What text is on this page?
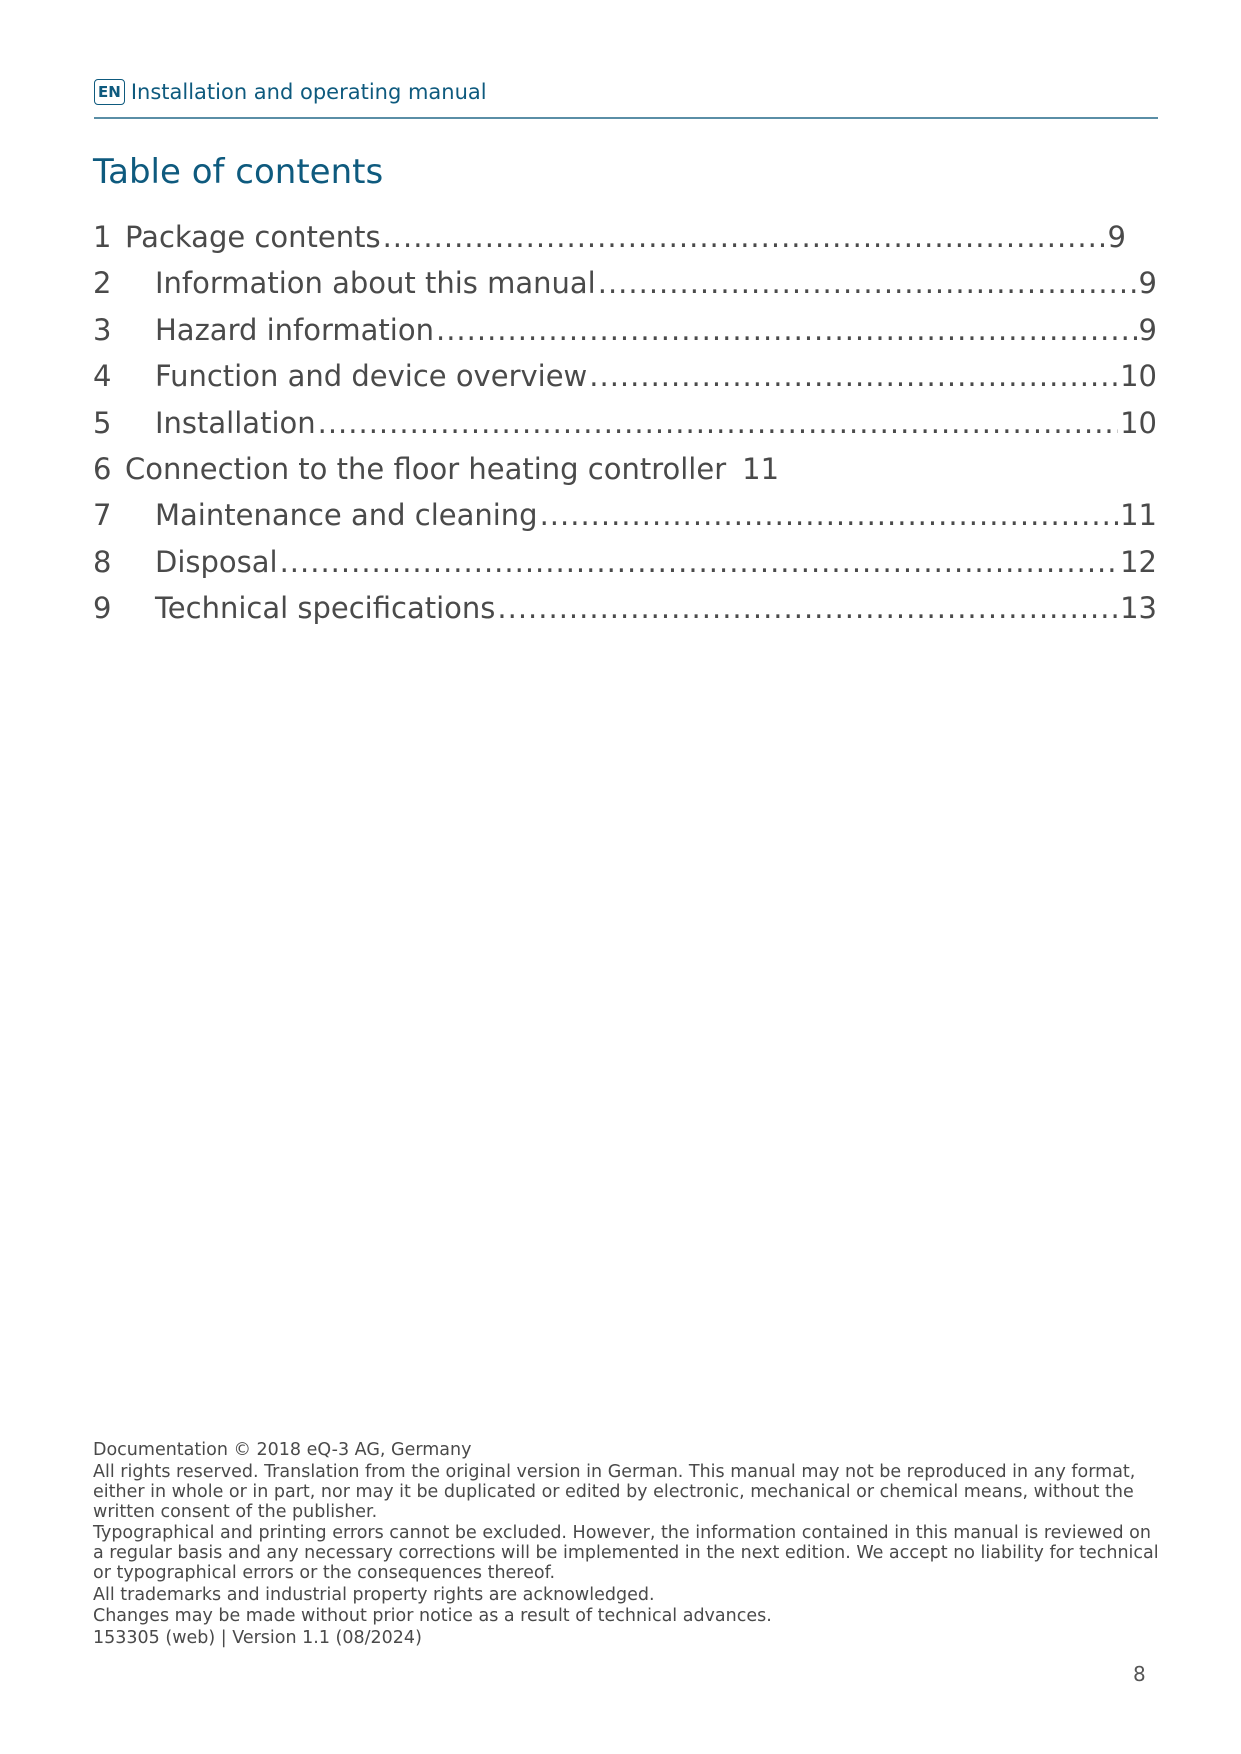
EN Installation and operating manual
Table of contents
1 Package contents .....	9
2	Information about this manual .....	9
3	Hazard information .....	9
4	Function and device overview .....	10
5	Installation .....	10
6 Connection to the floor heating controller 11
7	Maintenance and cleaning .....	11
8	Disposal .....	12
9	Technical specifications .....	13

Documentation © 2018 eQ-3 AG, Germany

All rights reserved. Translation from the original version in German. This manual may not be reproduced in any format, either in whole or in part, nor may it be duplicated or edited by electronic, mechanical or chemical means, without the written consent of the publisher.

Typographical and printing errors cannot be excluded. However, the information contained in this manual is reviewed on a regular basis and any necessary corrections will be implemented in the next edition. We accept no liability for technical or typographical errors or the consequences thereof.

All trademarks and industrial property rights are acknowledged.

Changes may be made without prior notice as a result of technical advances.

153305 (web) | Version 1.1 (08/2024)

8
